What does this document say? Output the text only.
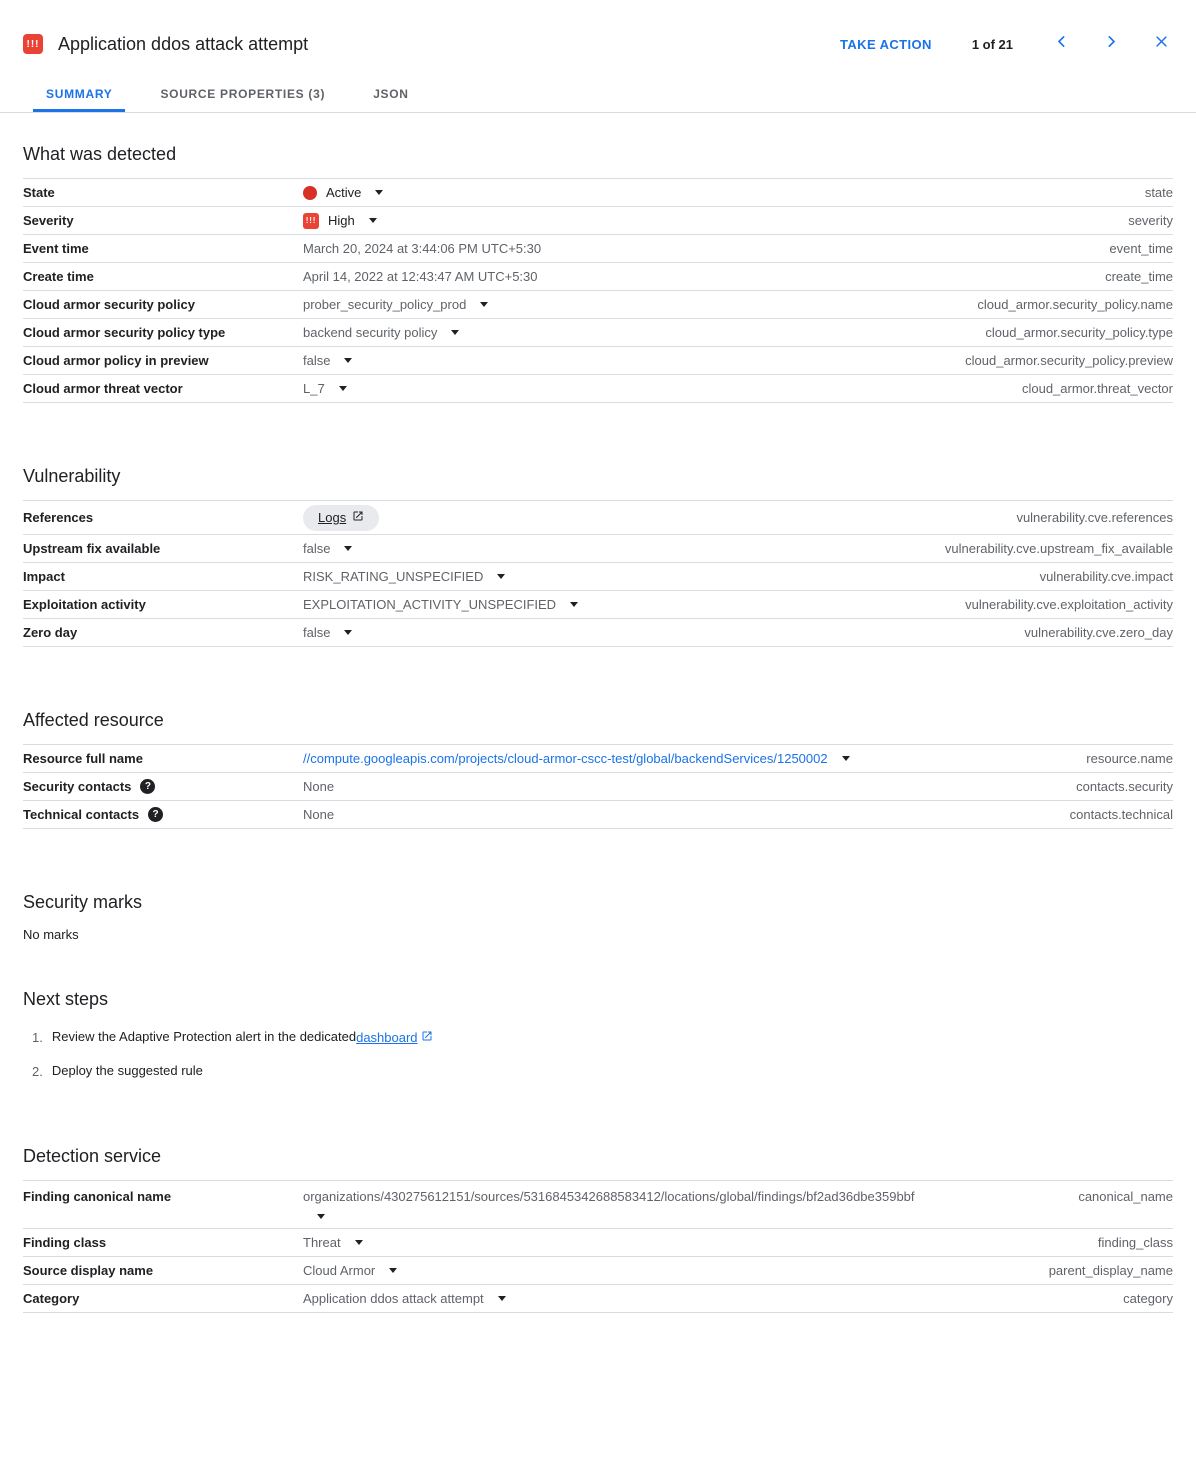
!!! Application ddos attack attempt	TAKE ACTION	1 of 21
SUMMARY	SOURCE PROPERTIES (3)	JSON
What was detected
State	Active	state
Severity	!!! High	severity
Event time	March 20, 2024 at 3:44:06 PM UTC+5:30	event_time
Create time	April 14, 2022 at 12:43:47 AM UTC+5:30	create_time
Cloud armor security policy	prober_security_policy_prod	cloud_armor.security_policy.name
Cloud armor security policy type	backend security policy	cloud_armor.security_policy.type
Cloud armor policy in preview	false	cloud_armor.security_policy.preview
Cloud armor threat vector	L_7	cloud_armor.threat_vector
Vulnerability
References	Logs	vulnerability.cve.references
Upstream fix available	false	vulnerability.cve.upstream_fix_available
Impact	RISK_RATING_UNSPECIFIED	vulnerability.cve.impact
Exploitation activity	EXPLOITATION_ACTIVITY_UNSPECIFIED	vulnerability.cve.exploitation_activity
Zero day	false	vulnerability.cve.zero_day
Affected resource
Resource full name	//compute.googleapis.com/projects/cloud-armor-cscc-test/global/backendServices/1250002	resource.name
Security contacts	?	None	contacts.security
Technical contacts	?	None	contacts.technical
Security marks
No marks
Next steps
1. Review the Adaptive Protection alert in the dedicated dashboard
2. Deploy the suggested rule
Detection service
Finding canonical name	organizations/430275612151/sources/5316845342688583412/locations/global/findings/bf2ad36dbe359bbf	canonical_name
Finding class	Threat	finding_class
Source display name	Cloud Armor	parent_display_name
Category	Application ddos attack attempt	category
